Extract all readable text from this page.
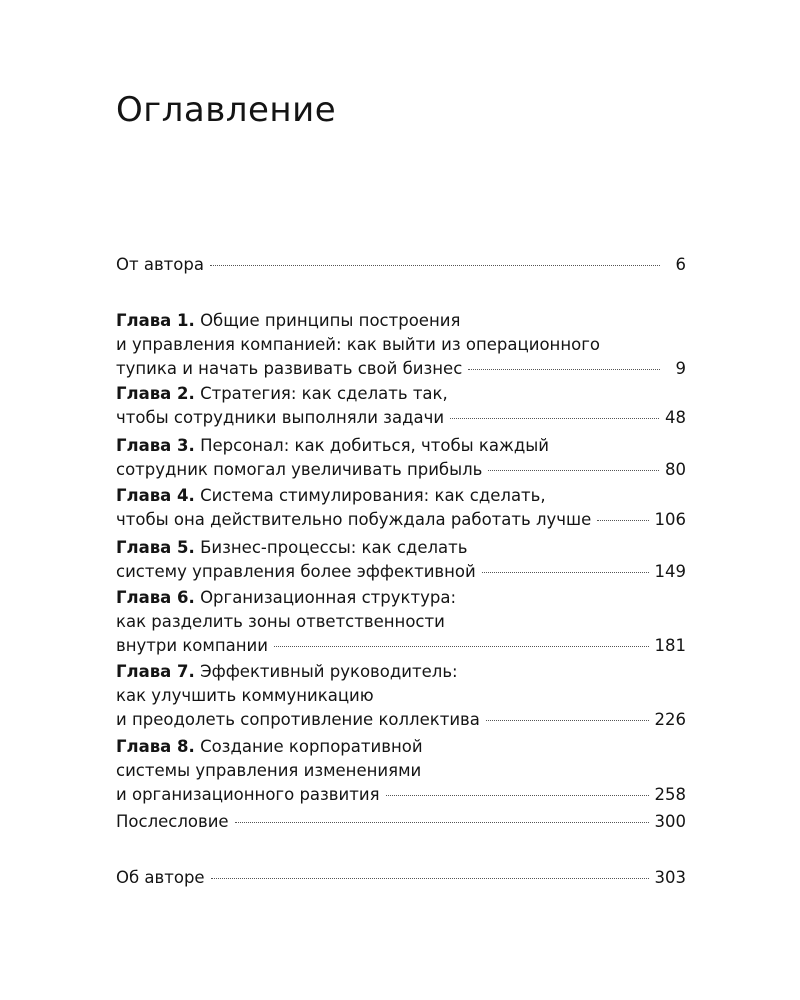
Оглавление
От автора	6
Глава 1. Общие принципы построения
и управления компанией: как выйти из операционного
тупика и начать развивать свой бизнес	9
Глава 2. Стратегия: как сделать так,
чтобы сотрудники выполняли задачи	48
Глава 3. Персонал: как добиться, чтобы каждый
сотрудник помогал увеличивать прибыль	80
Глава 4. Система стимулирования: как сделать,
чтобы она действительно побуждала работать лучше	106
Глава 5. Бизнес-процессы: как сделать
систему управления более эффективной	149
Глава 6. Организационная структура:
как разделить зоны ответственности
внутри компании	181
Глава 7. Эффективный руководитель:
как улучшить коммуникацию
и преодолеть сопротивление коллектива	226
Глава 8. Создание корпоративной
системы управления изменениями
и организационного развития	258
Послесловие	300
Об авторе	303
